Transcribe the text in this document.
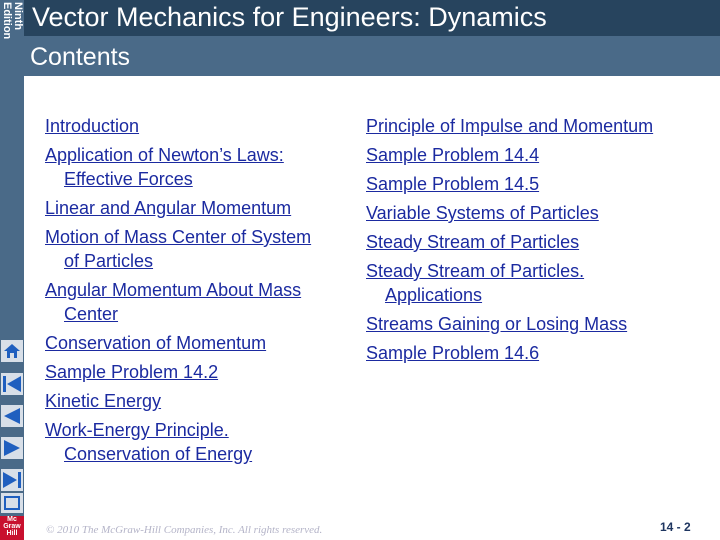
Ninth
Edition Vector Mechanics for Engineers: Dynamics
Contents
Mc
Graw
Hill
Introduction
Application of Newton’s Laws:
Effective Forces
Linear and Angular Momentum
Motion of Mass Center of System
of Particles
Angular Momentum About Mass
Center
Conservation of Momentum
Sample Problem 14.2
Kinetic Energy
Work-Energy Principle.
Conservation of Energy
Principle of Impulse and Momentum
Sample Problem 14.4
Sample Problem 14.5
Variable Systems of Particles
Steady Stream of Particles
Steady Stream of Particles.
Applications
Streams Gaining or Losing Mass
Sample Problem 14.6
© 2010 The McGraw-Hill Companies, Inc. All rights reserved.	14 - 2
